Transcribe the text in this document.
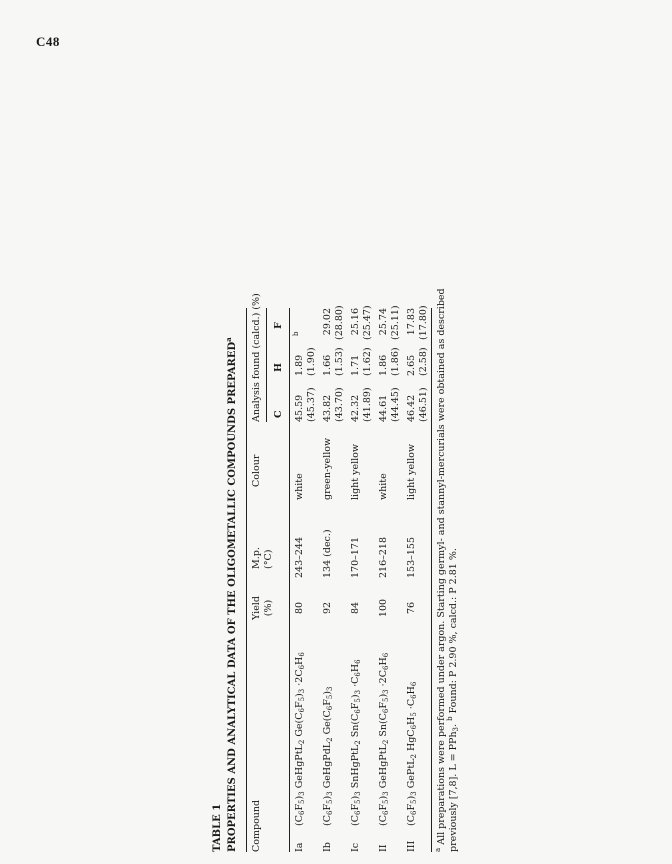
C48
TABLE 1 PROPERTIES AND ANALYTICAL DATA OF THE OLIGOMETALLIC COMPOUNDS PREPARED$^a$
Compound
Yield (%)
M.p. (°C)
Colour
Analysis found (calcd.) (%) C
H
F
Ia
$(C_6F_5)_3$ GeHgPtL$_2$ $Ge(C_6F_5)_3 \cdot 2C_6H_6$
80
243–244
white
45.59
1.89
$^b$
(45.37)
(1.90)
Ib
$(C_6F_5)_3$ GeHgPdL$_2$ $Ge(C_6F_5)_3$
92
134 (dec.)
green-yellow
43.82
1.66
29.02
(43.70)
(1.53)
(28.80)
Ic
$(C_6F_5)_3$ SnHgPtL$_2$ $Sn(C_6F_5)_3 \cdot C_6H_6$
84
170–171
light yellow
42.32
1.71
25.16
(41.89)
(1.62)
(25.47)
II
$(C_6F_5)_3$ GeHgPtL$_2$ $Sn(C_6F_5)_3 \cdot 2C_6H_6$
100
216–218
white
44.61
1.86
25.74
(44.45)
(1.86)
(25.11)
III
$(C_6F_5)_3$ GePtL$_2$ $HgC_6H_5 \cdot C_6H_6$
76
153–155
light yellow
46.42
2.65
17.83
(46.51)
(2.58)
(17.80)
$^a$ All preparations were performed under argon. Starting germyl- and stannyl-mercurials were obtained as described previously [7,8]. L = PPh$_3$. $^b$ Found: P 2.90 %, calcd.: P 2.81 %.
